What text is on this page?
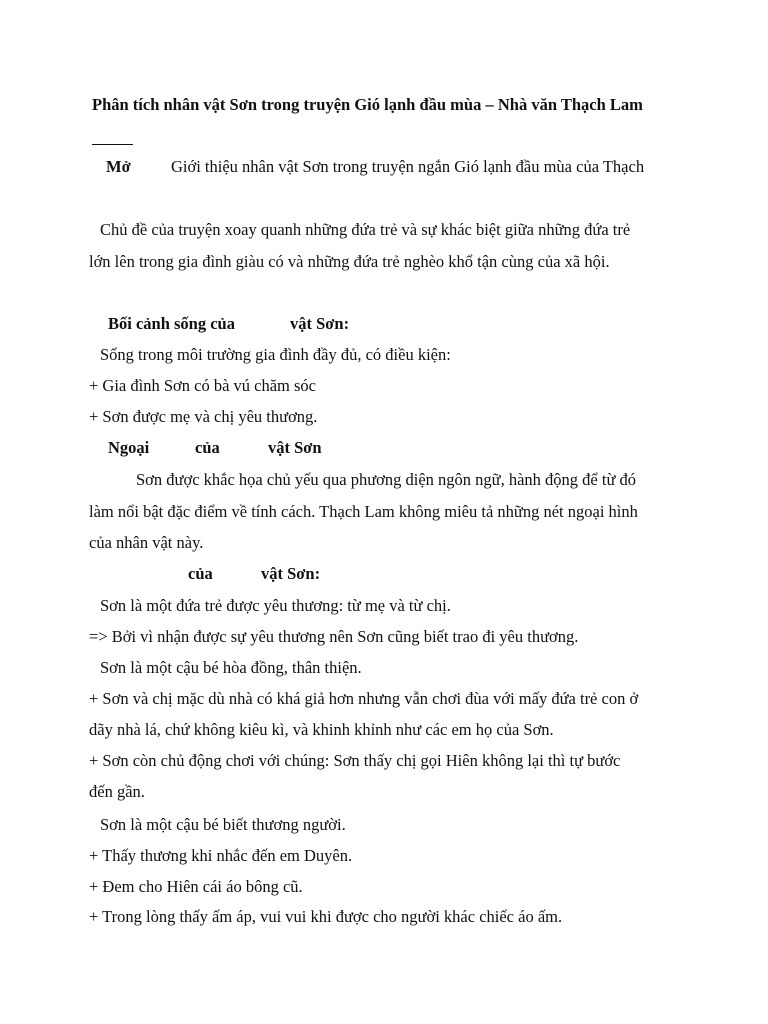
Phân tích nhân vật Sơn trong truyện Gió lạnh đầu mùa – Nhà văn Thạch Lam
Mở Giới thiệu nhân vật Sơn trong truyện ngắn Gió lạnh đầu mùa của Thạch
Chủ đề của truyện xoay quanh những đứa trẻ và sự khác biệt giữa những đứa trẻ
lớn lên trong gia đình giàu có và những đứa trẻ nghèo khổ tận cùng của xã hội.
Bối cảnh sống của	vật Sơn:
Sống trong môi trường gia đình đầy đủ, có điều kiện:
+ Gia đình Sơn có bà vú chăm sóc
+ Sơn được mẹ và chị yêu thương.
Ngoại	của	vật Sơn
Sơn được khắc họa chủ yếu qua phương diện ngôn ngữ, hành động để từ đó
làm nổi bật đặc điểm về tính cách. Thạch Lam không miêu tả những nét ngoại hình
của nhân vật này.
của	vật Sơn:
Sơn là một đứa trẻ được yêu thương: từ mẹ và từ chị.
=> Bởi vì nhận được sự yêu thương nên Sơn cũng biết trao đi yêu thương.
Sơn là một cậu bé hòa đồng, thân thiện.
+ Sơn và chị mặc dù nhà có khá giả hơn nhưng vẫn chơi đùa với mấy đứa trẻ con ở
dãy nhà lá, chứ không kiêu kì, và khinh khỉnh như các em họ của Sơn.
+ Sơn còn chủ động chơi với chúng: Sơn thấy chị gọi Hiên không lại thì tự bước
đến gần.
Sơn là một cậu bé biết thương người.
+ Thấy thương khi nhắc đến em Duyên.
+ Đem cho Hiên cái áo bông cũ.
+ Trong lòng thấy ấm áp, vui vui khi được cho người khác chiếc áo ấm.
